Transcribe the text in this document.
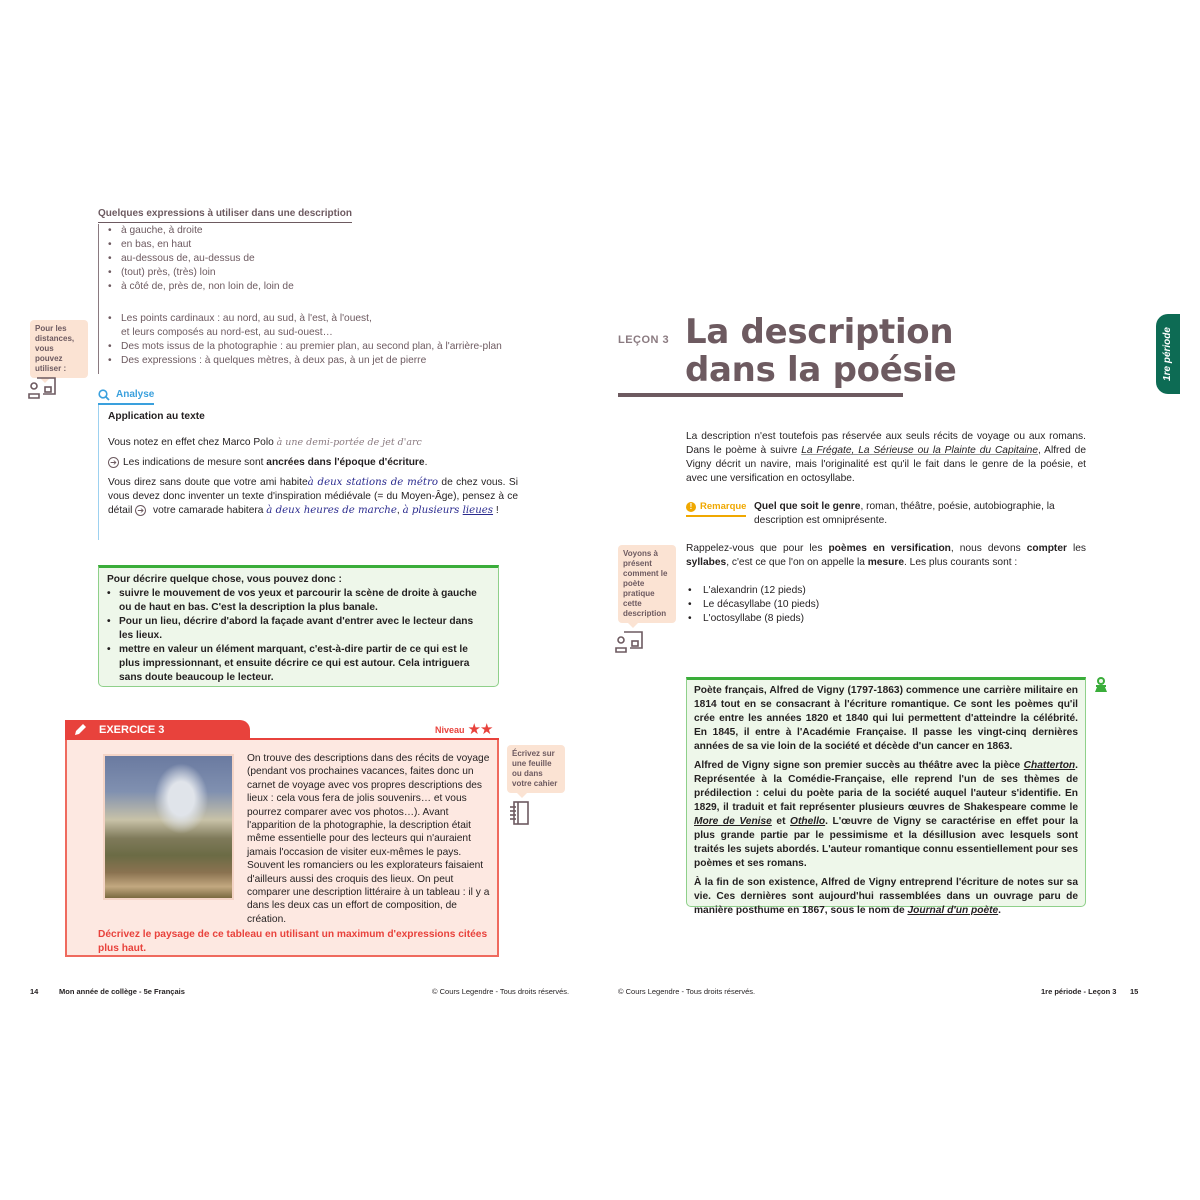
Quelques expressions à utiliser dans une description
• à gauche, à droite
• en bas, en haut
• au-dessous de, au-dessus de
• (tout) près, (très) loin
• à côté de, près de, non loin de, loin de
• Les points cardinaux : au nord, au sud, à l'est, à l'ouest,
et leurs composés au nord-est, au sud-ouest…
• Des mots issus de la photographie : au premier plan, au second plan, à l'arrière-plan
• Des expressions : à quelques mètres, à deux pas, à un jet de pierre
Pour les distances, vous pouvez utiliser :
Analyse

Application au texte

Vous notez en effet chez Marco Polo à une demi-portée de jet d'arc

➔ Les indications de mesure sont ancrées dans l'époque d'écriture.

Vous direz sans doute que votre ami habiteà deux stations de métro de chez vous. Si vous devez donc inventer un texte d'inspiration médiévale (= du Moyen-Âge), pensez à ce détail ➔ votre camarade habitera à deux heures de marche, à plusieurs lieues !

Pour décrire quelque chose, vous pouvez donc :
• suivre le mouvement de vos yeux et parcourir la scène de droite à gauche ou de haut en bas. C'est la description la plus banale.
• Pour un lieu, décrire d'abord la façade avant d'entrer avec le lecteur dans les lieux.
• mettre en valeur un élément marquant, c'est-à-dire partir de ce qui est le plus impressionnant, et ensuite décrire ce qui est autour. Cela intriguera sans doute beaucoup le lecteur.
EXERCICE 3	Niveau ★★
On trouve des descriptions dans des récits de voyage (pendant vos prochaines vacances, faites donc un carnet de voyage avec vos propres descriptions des lieux : cela vous fera de jolis souvenirs… et vous pourrez comparer avec vos photos…). Avant l'apparition de la photographie, la description était même essentielle pour des lecteurs qui n'auraient jamais l'occasion de visiter eux-mêmes le pays. Souvent les romanciers ou les explorateurs faisaient d'ailleurs aussi des croquis des lieux. On peut comparer une description littéraire à un tableau : il y a dans les deux cas un effort de composition, de création.
Décrivez le paysage de ce tableau en utilisant un maximum d'expressions citées plus haut.
Écrivez sur une feuille ou dans votre cahier
14	Mon année de collège - 5e Français	© Cours Legendre - Tous droits réservés.
LEÇON 3 La description
dans la poésie	1re période
La description n'est toutefois pas réservée aux seuls récits de voyage ou aux romans. Dans le poème à suivre La Frégate, La Sérieuse ou la Plainte du Capitaine, Alfred de Vigny décrit un navire, mais l'originalité est qu'il le fait dans le genre de la poésie, et avec une versification en octosyllabe.
! Remarque Quel que soit le genre, roman, théâtre, poésie, autobiographie, la description est omniprésente.
Voyons à présent comment le poète pratique cette description
Rappelez-vous que pour les poèmes en versification, nous devons compter les syllabes, c'est ce que l'on on appelle la mesure. Les plus courants sont :
• L'alexandrin (12 pieds)
• Le décasyllabe (10 pieds)
• L'octosyllabe (8 pieds)

Poète français, Alfred de Vigny (1797-1863) commence une carrière militaire en 1814 tout en se consacrant à l'écriture romantique. Ce sont les poèmes qu'il crée entre les années 1820 et 1840 qui lui permettent d'atteindre la célébrité. En 1845, il entre à l'Académie Française. Il passe les vingt-cinq dernières années de sa vie loin de la société et décède d'un cancer en 1863.

Alfred de Vigny signe son premier succès au théâtre avec la pièce Chatterton. Représentée à la Comédie-Française, elle reprend l'un de ses thèmes de prédilection : celui du poète paria de la société auquel l'auteur s'identifie. En 1829, il traduit et fait représenter plusieurs œuvres de Shakespeare comme le More de Venise et Othello. L'œuvre de Vigny se caractérise en effet pour la plus grande partie par le pessimisme et la désillusion avec lesquels sont traités les sujets abordés. L'auteur romantique connu essentiellement pour ses poèmes et ses romans.

À la fin de son existence, Alfred de Vigny entreprend l'écriture de notes sur sa vie. Ces dernières sont aujourd'hui rassemblées dans un ouvrage paru de manière posthume en 1867, sous le nom de Journal d'un poète.

© Cours Legendre - Tous droits réservés.	1re période - Leçon 3 15
